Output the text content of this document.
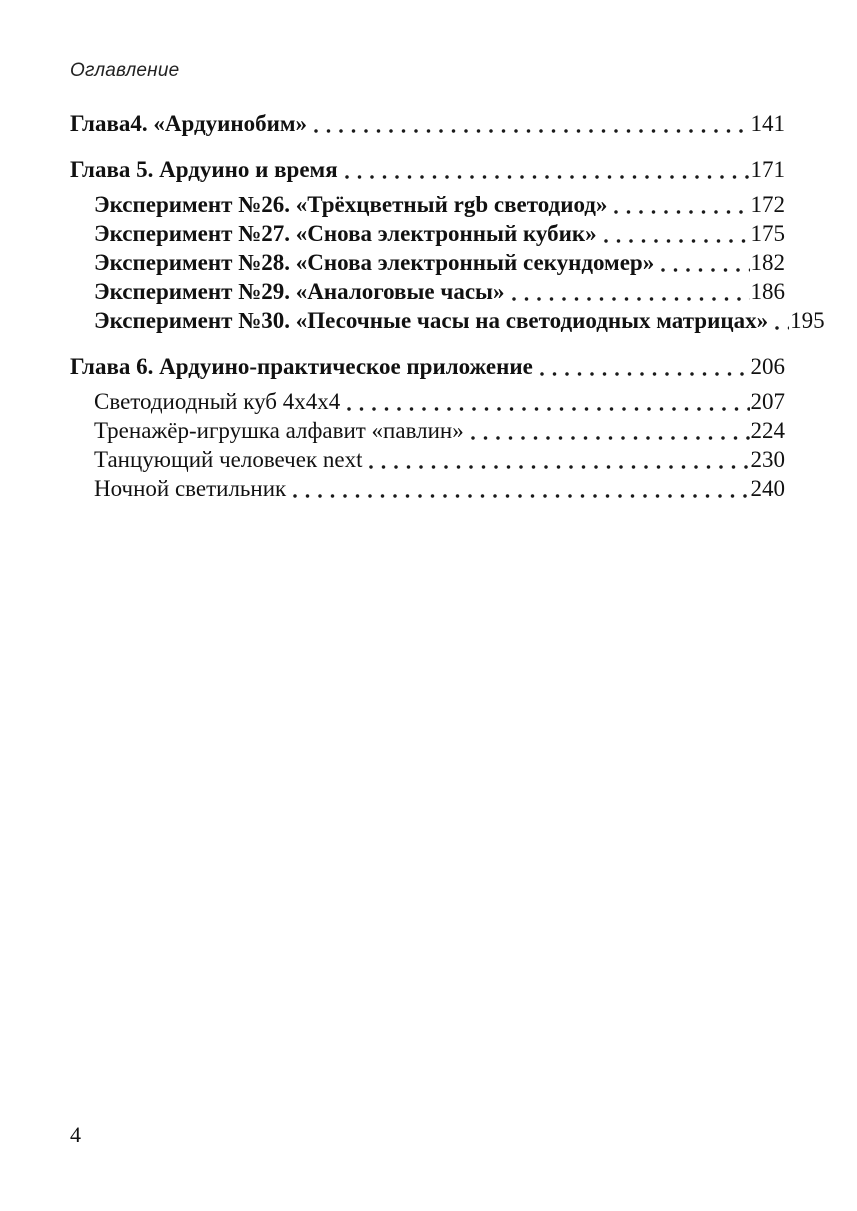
Оглавление
Глава4. «Ардуинобим»	141
Глава 5. Ардуино и время	171
Эксперимент №26. «Трёхцветный rgb светодиод»	172
Эксперимент №27. «Снова электронный кубик»	175
Эксперимент №28. «Снова электронный секундомер»	182
Эксперимент №29. «Аналоговые часы»	186
Эксперимент №30. «Песочные часы на светодиодных матрицах» 195
Глава 6. Ардуино-практическое приложение	206
Светодиодный куб 4х4х4	207
Тренажёр-игрушка алфавит «павлин»	224
Танцующий человечек next	230
Ночной светильник	240
4
